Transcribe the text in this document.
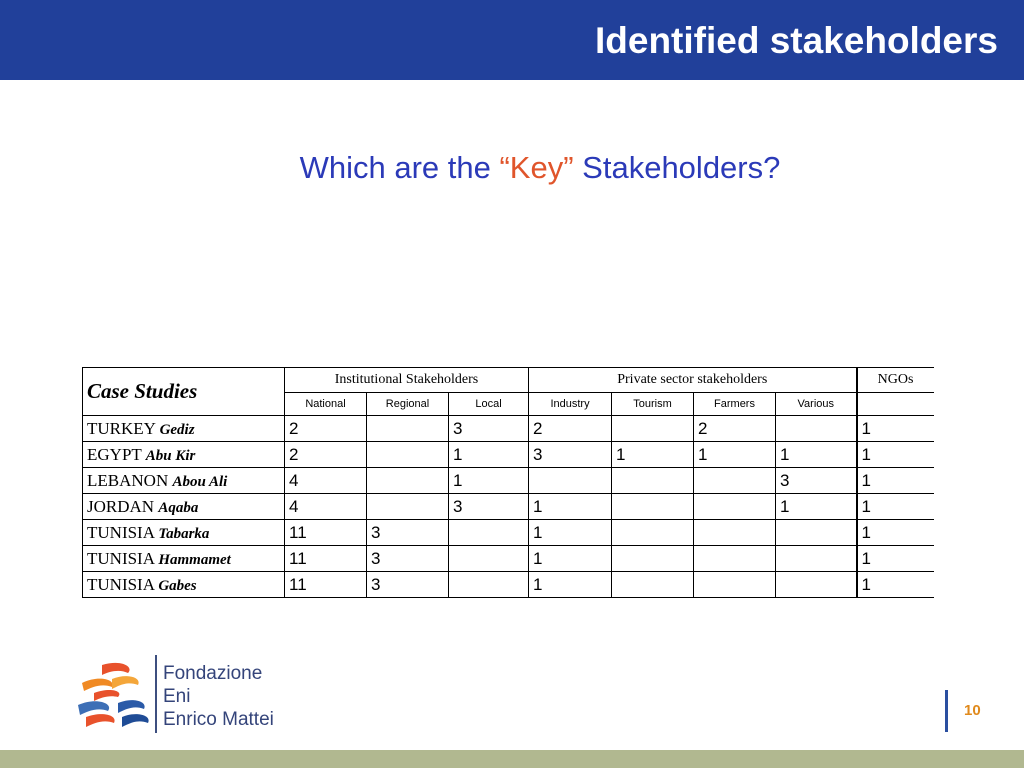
Identified stakeholders
Which are the “Key” Stakeholders?
Case Studies	Institutional Stakeholders			Private sector stakeholders				NGOs
	National	Regional	Local	Industry	Tourism	Farmers	Various	
TURKEY Gediz	2		3	2		2		1
EGYPT Abu Kir	2		1	3	1	1	1	1
LEBANON Abou Ali	4		1				3	1
JORDAN Aqaba	4		3	1			1	1
TUNISIA Tabarka	11	3		1				1
TUNISIA Hammamet	11	3		1				1
TUNISIA Gabes	11	3		1				1
Fondazione
Eni
Enrico Mattei	10
